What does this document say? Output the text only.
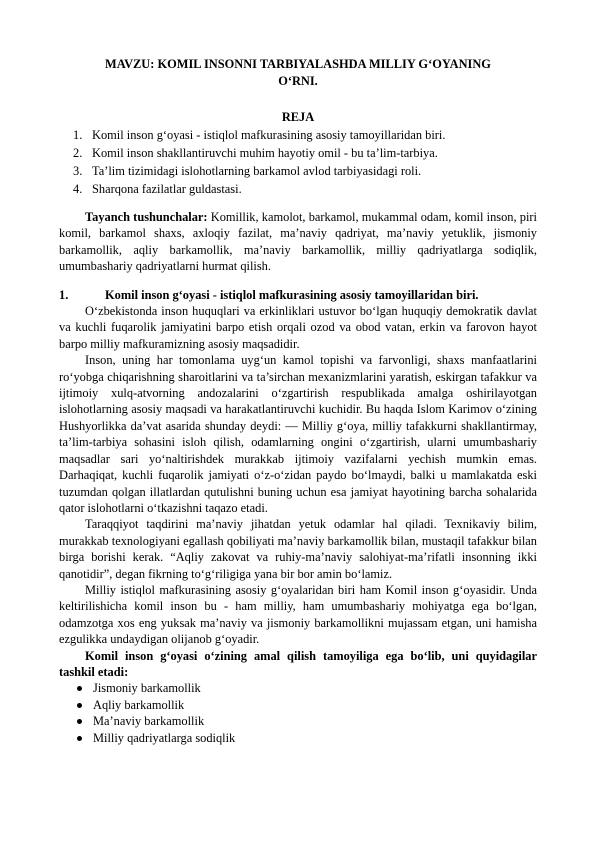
MAVZU: KOMIL INSONNI TARBIYALASHDA MILLIY G‘OYANING O‘RNI.
REJA
1. Komil inson g‘oyasi - istiqlol mafkurasining asosiy tamoyillaridan biri.
2. Komil inson shakllantiruvchi muhim hayotiy omil - bu ta’lim-tarbiya.
3. Ta’lim tizimidagi islohotlarning barkamol avlod tarbiyasidagi roli.
4. Sharqona fazilatlar guldastasi.

Tayanch tushunchalar: Komillik, kamolot, barkamol, mukammal odam, komil inson, piri komil, barkamol shaxs, axloqiy fazilat, ma’naviy qadriyat, ma’naviy yetuklik, jismoniy barkamollik, aqliy barkamollik, ma’naviy barkamollik, milliy qadriyatlarga sodiqlik, umumbashariy qadriyatlarni hurmat qilish.

1.	Komil inson g‘oyasi - istiqlol mafkurasining asosiy tamoyillaridan biri.

O‘zbekistonda inson huquqlari va erkinliklari ustuvor bo‘lgan huquqiy demokratik davlat va kuchli fuqarolik jamiyatini barpo etish orqali ozod va obod vatan, erkin va farovon hayot barpo milliy mafkuramizning asosiy maqsadidir.

Inson, uning har tomonlama uyg‘un kamol topishi va farvonligi, shaxs manfaatlarini ro‘yobga chiqarishning sharoitlarini va ta’sirchan mexanizmlarini yaratish, eskirgan tafakkur va ijtimoiy xulq-atvorning andozalarini o‘zgartirish respublikada amalga oshirilayotgan islohotlarning asosiy maqsadi va harakatlantiruvchi kuchidir. Bu haqda Islom Karimov o‘zining Hushyorlikka da’vat asarida shunday deydi: — Milliy g‘oya, milliy tafakkurni shakllantirmay, ta’lim-tarbiya sohasini isloh qilish, odamlarning ongini o‘zgartirish, ularni umumbashariy maqsadlar sari yo‘naltirishdek murakkab ijtimoiy vazifalarni yechish mumkin emas. Darhaqiqat, kuchli fuqarolik jamiyati o‘z-o‘zidan paydo bo‘lmaydi, balki u mamlakatda eski tuzumdan qolgan illatlardan qutulishni buning uchun esa jamiyat hayotining barcha sohalarida qator islohotlarni o‘tkazishni taqazo etadi.

Taraqqiyot taqdirini ma’naviy jihatdan yetuk odamlar hal qiladi. Texnikaviy bilim, murakkab texnologiyani egallash qobiliyati ma’naviy barkamollik bilan, mustaqil tafakkur bilan birga borishi kerak. “Aqliy zakovat va ruhiy-ma’naviy salohiyat-ma’rifatli insonning ikki qanotidir”, degan fikrning to‘g‘riligiga yana bir bor amin bo‘lamiz.

Milliy istiqlol mafkurasining asosiy g‘oyalaridan biri ham Komil inson g‘oyasidir. Unda keltirilishicha komil inson bu - ham milliy, ham umumbashariy mohiyatga ega bo‘lgan, odamzotga xos eng yuksak ma’naviy va jismoniy barkamollikni mujassam etgan, uni hamisha ezgulikka undaydigan olijanob g‘oyadir.

Komil inson g‘oyasi o‘zining amal qilish tamoyiliga ega bo‘lib, uni quyidagilar tashkil etadi:

Jismoniy barkamollik
Aqliy barkamollik
Ma’naviy barkamollik
Milliy qadriyatlarga sodiqlik
